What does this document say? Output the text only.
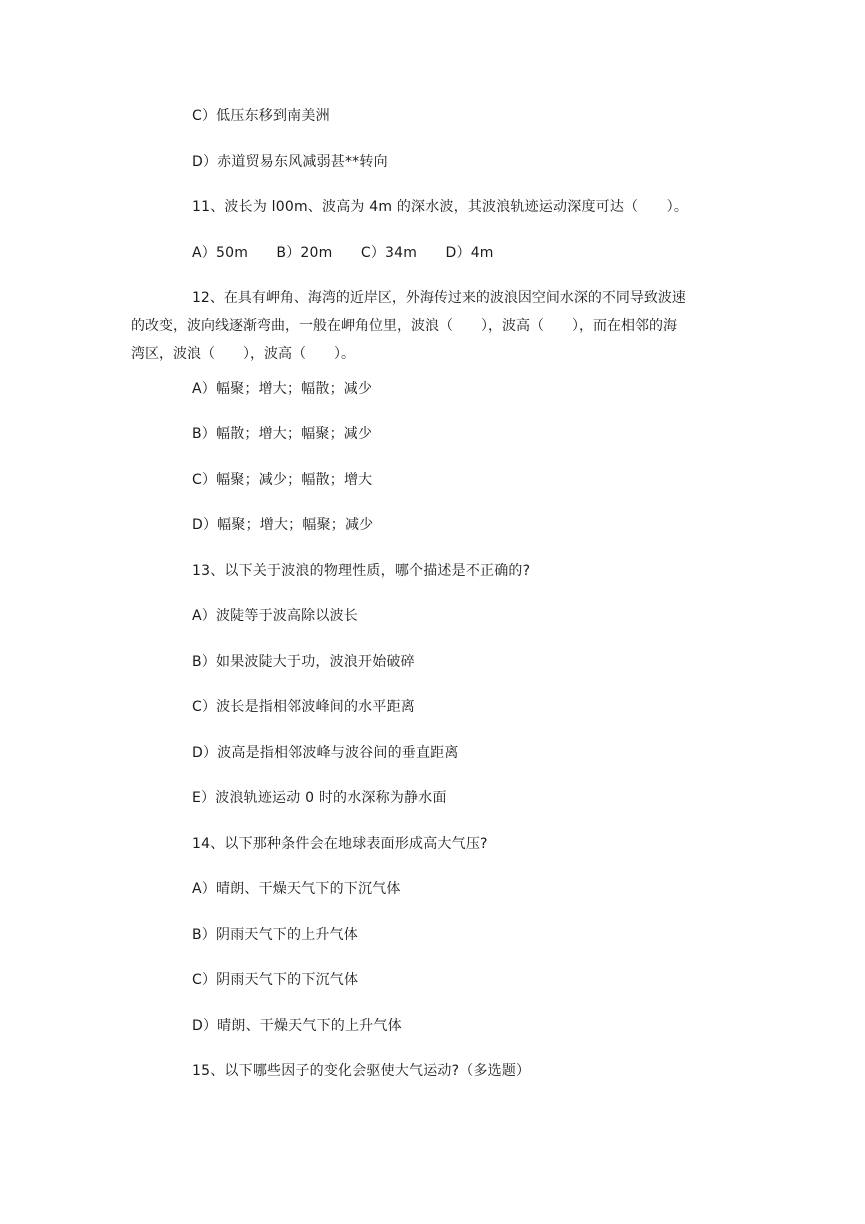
C）低压东移到南美洲
D）赤道贸易东风减弱甚**转向
11、波长为 l00m、波高为 4m 的深水波，其波浪轨迹运动深度可达（　　）。
A）50m　　B）20m　　C）34m　　D）4m
12、在具有岬角、海湾的近岸区，外海传过来的波浪因空间水深的不同导致波速
的改变，波向线逐渐弯曲，一般在岬角位里，波浪（　　），波高（　　），而在相邻的海
湾区，波浪（　　），波高（　　）。
A）幅聚；增大；幅散；减少
B）幅散；增大；幅聚；减少
C）幅聚；减少；幅散；增大
D）幅聚；增大；幅聚；减少
13、以下关于波浪的物理性质，哪个描述是不正确的?
A）波陡等于波高除以波长
B）如果波陡大于功，波浪开始破碎
C）波长是指相邻波峰间的水平距离
D）波高是指相邻波峰与波谷间的垂直距离
E）波浪轨迹运动 0 时的水深称为静水面
14、以下那种条件会在地球表面形成高大气压?
A）晴朗、干燥天气下的下沉气体
B）阴雨天气下的上升气体
C）阴雨天气下的下沉气体
D）晴朗、干燥天气下的上升气体
15、以下哪些因子的变化会驱使大气运动?（多选题）
